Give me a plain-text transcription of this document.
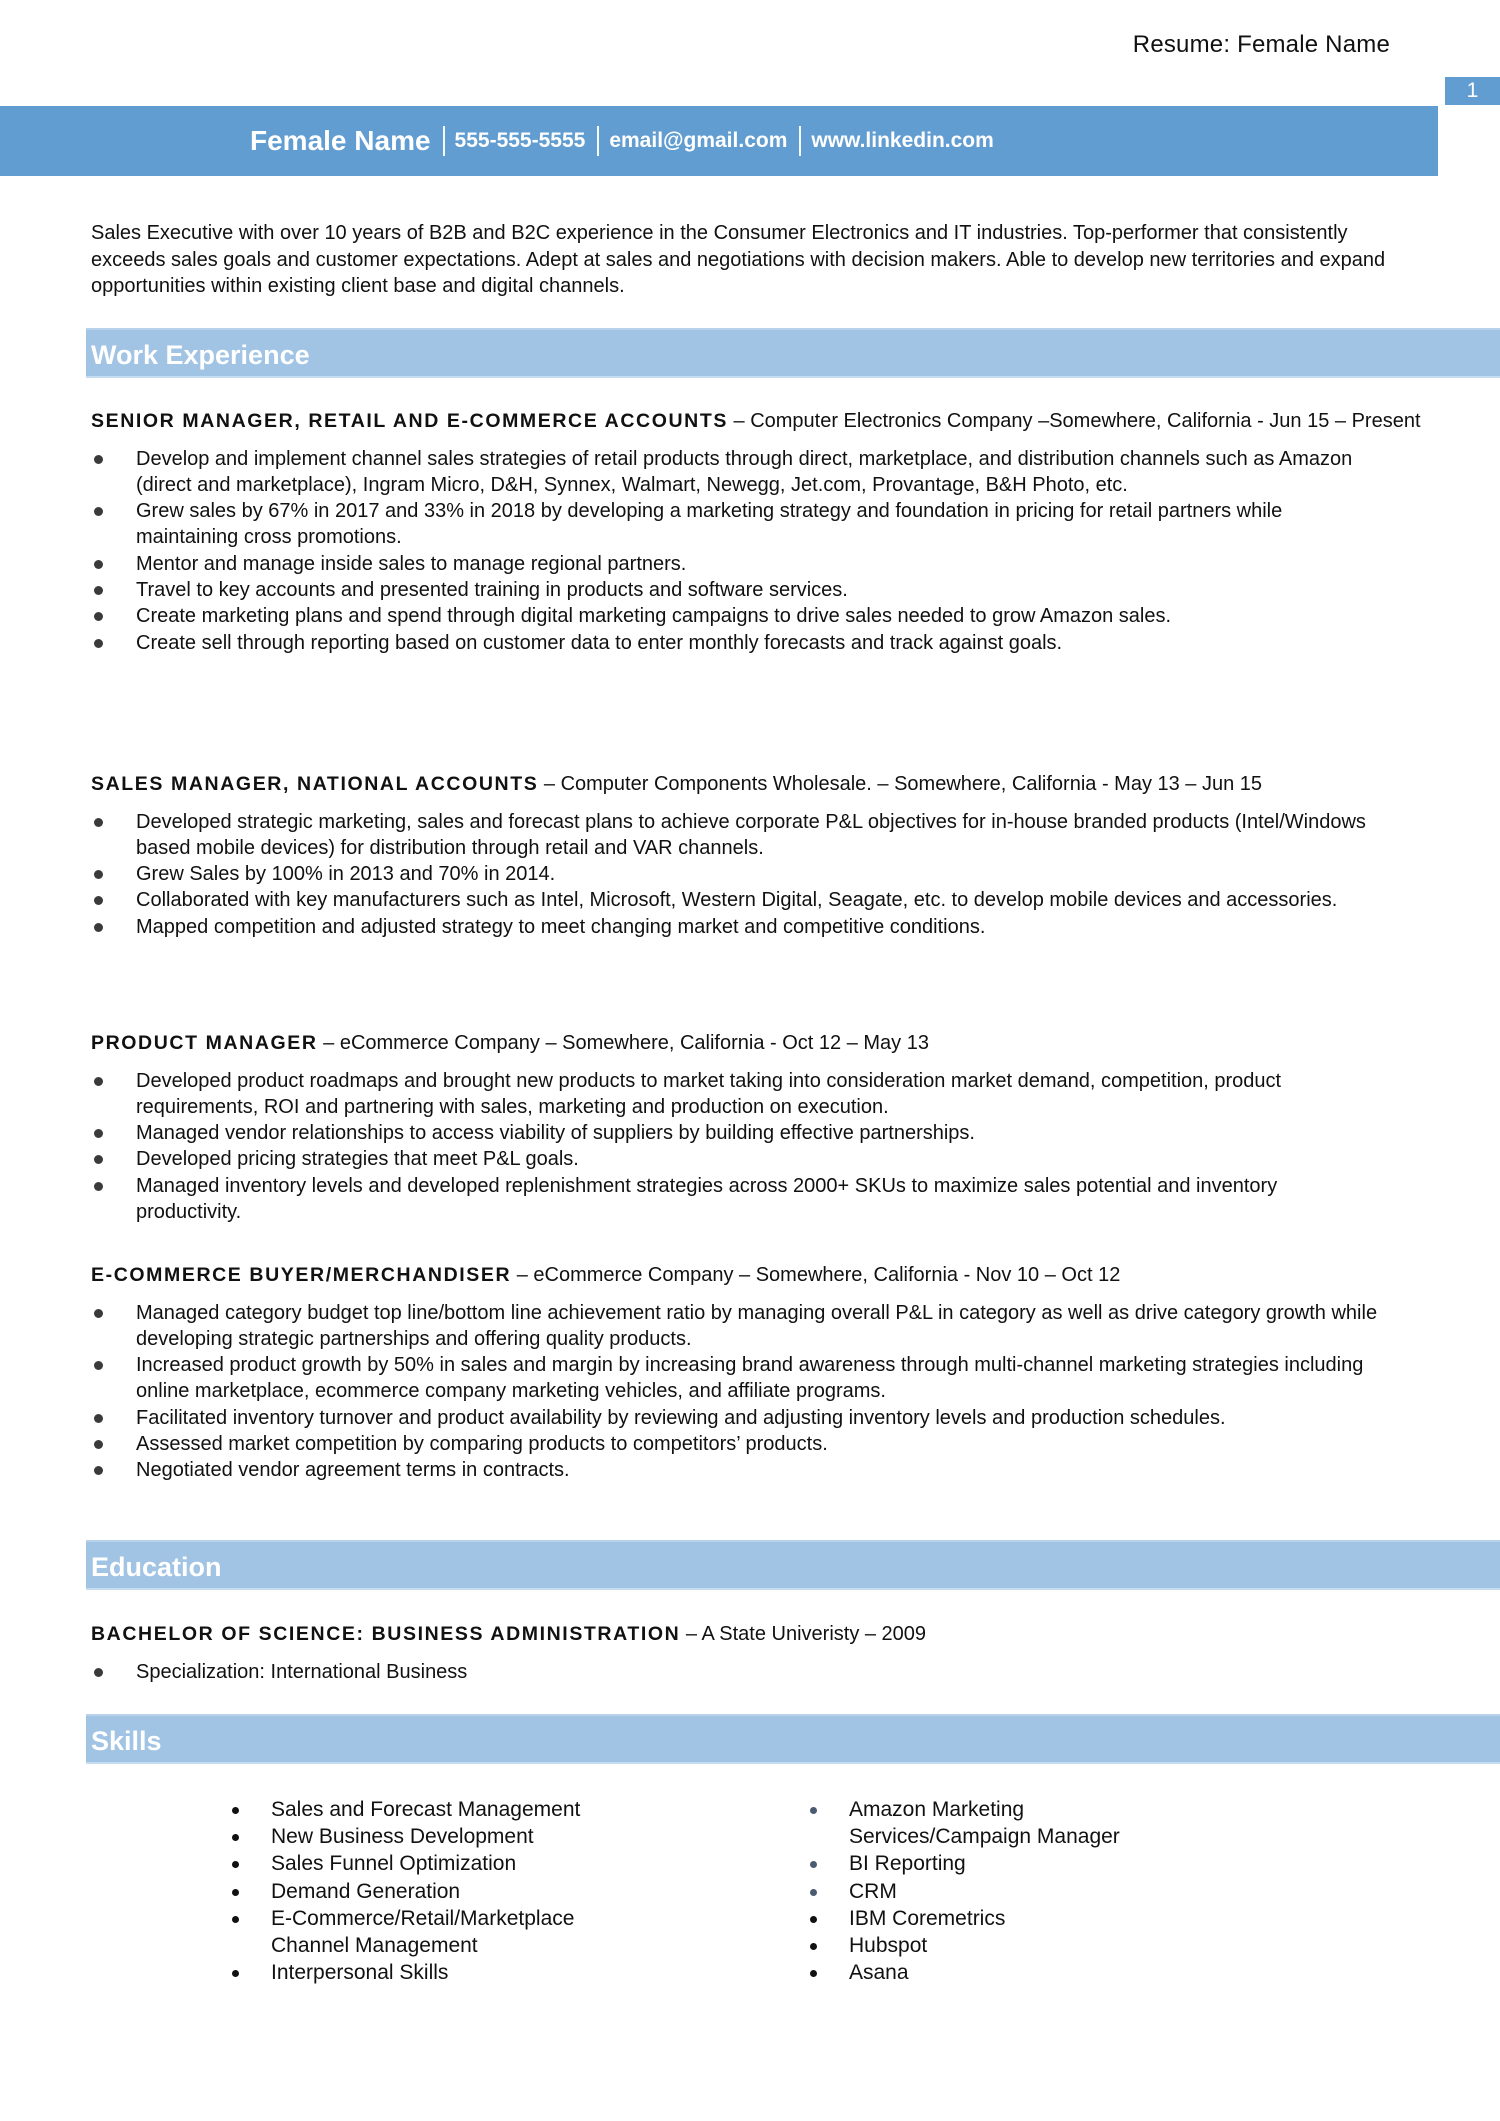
Resume: Female Name
1
Female Name 555-555-5555 email@gmail.com www.linkedin.com
Sales Executive with over 10 years of B2B and B2C experience in the Consumer Electronics and IT industries. Top-performer that consistently exceeds sales goals and customer expectations. Adept at sales and negotiations with decision makers. Able to develop new territories and expand opportunities within existing client base and digital channels.
Work Experience
SENIOR MANAGER, RETAIL AND E-COMMERCE ACCOUNTS – Computer Electronics Company –Somewhere, California - Jun 15 – Present
Develop and implement channel sales strategies of retail products through direct, marketplace, and distribution channels such as Amazon (direct and marketplace), Ingram Micro, D&H, Synnex, Walmart, Newegg, Jet.com, Provantage, B&H Photo, etc.
Grew sales by 67% in 2017 and 33% in 2018 by developing a marketing strategy and foundation in pricing for retail partners while maintaining cross promotions.
Mentor and manage inside sales to manage regional partners.
Travel to key accounts and presented training in products and software services.
Create marketing plans and spend through digital marketing campaigns to drive sales needed to grow Amazon sales.
Create sell through reporting based on customer data to enter monthly forecasts and track against goals.
SALES MANAGER, NATIONAL ACCOUNTS – Computer Components Wholesale. – Somewhere, California - May 13 – Jun 15
Developed strategic marketing, sales and forecast plans to achieve corporate P&L objectives for in-house branded products (Intel/Windows based mobile devices) for distribution through retail and VAR channels.
Grew Sales by 100% in 2013 and 70% in 2014.
Collaborated with key manufacturers such as Intel, Microsoft, Western Digital, Seagate, etc. to develop mobile devices and accessories.
Mapped competition and adjusted strategy to meet changing market and competitive conditions.
PRODUCT MANAGER – eCommerce Company – Somewhere, California - Oct 12 – May 13
Developed product roadmaps and brought new products to market taking into consideration market demand, competition, product requirements, ROI and partnering with sales, marketing and production on execution.
Managed vendor relationships to access viability of suppliers by building effective partnerships.
Developed pricing strategies that meet P&L goals.
Managed inventory levels and developed replenishment strategies across 2000+ SKUs to maximize sales potential and inventory productivity.
E-COMMERCE BUYER/MERCHANDISER – eCommerce Company – Somewhere, California - Nov 10 – Oct 12
Managed category budget top line/bottom line achievement ratio by managing overall P&L in category as well as drive category growth while developing strategic partnerships and offering quality products.
Increased product growth by 50% in sales and margin by increasing brand awareness through multi-channel marketing strategies including online marketplace, ecommerce company marketing vehicles, and affiliate programs.
Facilitated inventory turnover and product availability by reviewing and adjusting inventory levels and production schedules.
Assessed market competition by comparing products to competitors’ products.
Negotiated vendor agreement terms in contracts.
Education
BACHELOR OF SCIENCE: BUSINESS ADMINISTRATION – A State Univeristy – 2009
Specialization: International Business
Skills
Sales and Forecast Management
New Business Development
Sales Funnel Optimization
Demand Generation
E-Commerce/Retail/Marketplace Channel Management
Interpersonal Skills
Amazon Marketing Services/Campaign Manager
BI Reporting
CRM
IBM Coremetrics
Hubspot
Asana
